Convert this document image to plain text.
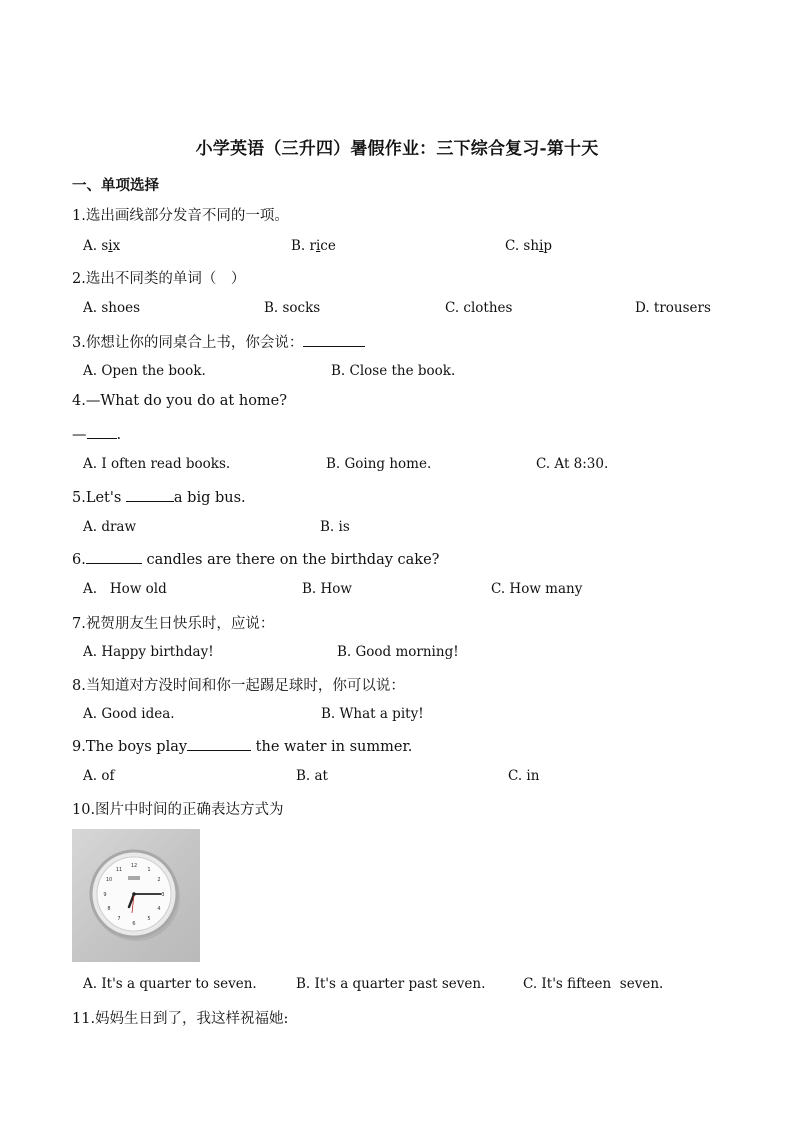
小学英语（三升四）暑假作业：三下综合复习-第十天
一、单项选择
1.选出画线部分发音不同的一项。
A. six	B. rice	C. ship
2.选出不同类的单词（　）
A. shoes	B. socks	C. clothes	D. trousers
3.你想让你的同桌合上书，你会说：
A. Open the book.	B. Close the book.
4.—What do you do at home?
— .
A. I often read books.	B. Going home.	C. At 8:30.
5.Let's	a big bus.
A. draw	B. is
6.	candles are there on the birthday cake?
A.   How old	B. How	C. How many
7.祝贺朋友生日快乐时，应说：
A. Happy birthday!	B. Good morning!
8.当知道对方没时间和你一起踢足球时，你可以说：
A. Good idea.	B. What a pity!
9.The boys play	the water in summer.
A. of	B. at	C. in
10.图片中时间的正确表达方式为
12
1
2
3
4
5
6
7
8
9
10
11
A. It's a quarter to seven.	B. It's a quarter past seven.	C. It's fifteen  seven.
11.妈妈生日到了，我这样祝福她:
